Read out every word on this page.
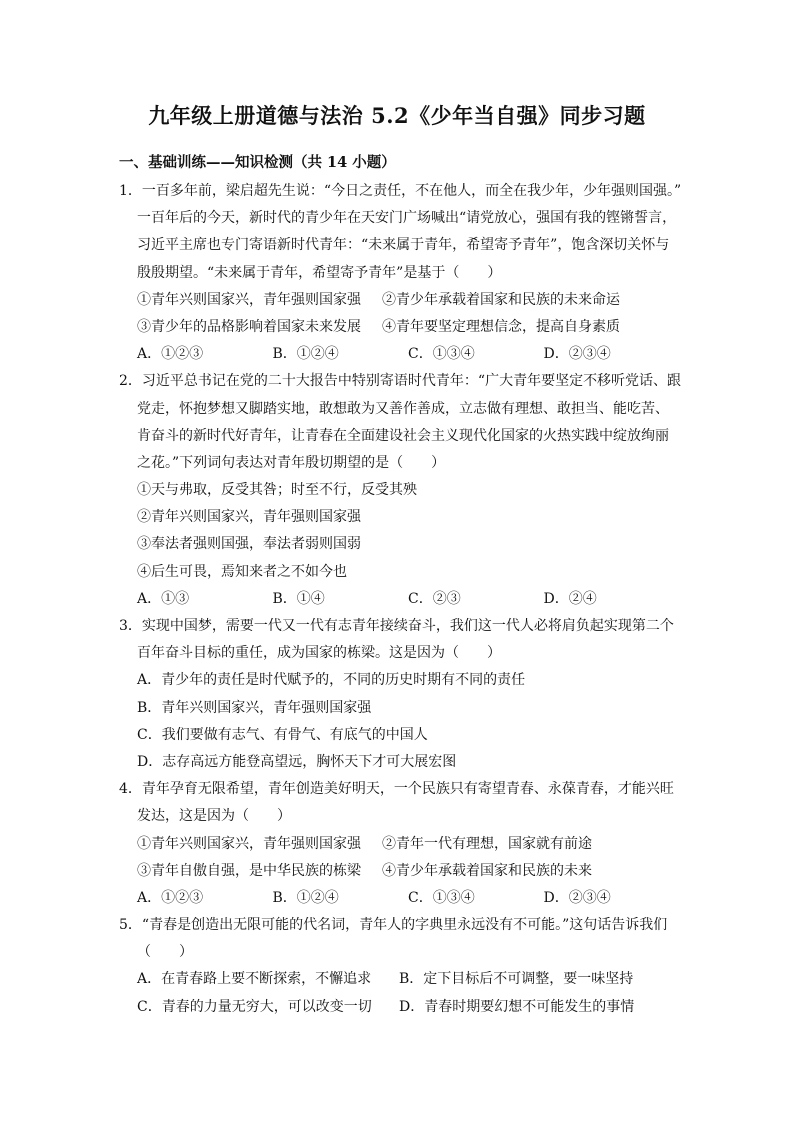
九年级上册道德与法治 5.2《少年当自强》同步习题
一、基础训练——知识检测（共 14 小题）
1．一百多年前，梁启超先生说：“今日之责任，不在他人，而全在我少年，少年强则国强。”
一百年后的今天，新时代的青少年在天安门广场喊出“请党放心，强国有我的铿锵誓言，
习近平主席也专门寄语新时代青年：“未来属于青年，希望寄予青年”，饱含深切关怀与
殷殷期望。“未来属于青年，希望寄予青年”是基于（　　）
①青年兴则国家兴，青年强则国家强	②青少年承载着国家和民族的未来命运
③青少年的品格影响着国家未来发展	④青年要坚定理想信念，提高自身素质
A．①②③	B．①②④	C．①③④	D．②③④
2．习近平总书记在党的二十大报告中特别寄语时代青年：“广大青年要坚定不移听党话、跟
党走，怀抱梦想又脚踏实地，敢想敢为又善作善成，立志做有理想、敢担当、能吃苦、
肯奋斗的新时代好青年，让青春在全面建设社会主义现代化国家的火热实践中绽放绚丽
之花。”下列词句表达对青年殷切期望的是（　　）
①天与弗取，反受其咎；时至不行，反受其殃
②青年兴则国家兴，青年强则国家强
③奉法者强则国强，奉法者弱则国弱
④后生可畏，焉知来者之不如今也
A．①③	B．①④	C．②③	D．②④
3．实现中国梦，需要一代又一代有志青年接续奋斗，我们这一代人必将肩负起实现第二个
百年奋斗目标的重任，成为国家的栋梁。这是因为（　　）
A．青少年的责任是时代赋予的，不同的历史时期有不同的责任
B．青年兴则国家兴，青年强则国家强
C．我们要做有志气、有骨气、有底气的中国人
D．志存高远方能登高望远，胸怀天下才可大展宏图
4．青年孕育无限希望，青年创造美好明天，一个民族只有寄望青春、永葆青春，才能兴旺
发达，这是因为（　　）
①青年兴则国家兴，青年强则国家强	②青年一代有理想，国家就有前途
③青年自傲自强，是中华民族的栋梁	④青少年承载着国家和民族的未来
A．①②③	B．①②④	C．①③④	D．②③④
5．“青春是创造出无限可能的代名词，青年人的字典里永远没有不可能。”这句话告诉我们
（　　）
A．在青春路上要不断探索，不懈追求	B．定下目标后不可调整，要一味坚持
C．青春的力量无穷大，可以改变一切	D．青春时期要幻想不可能发生的事情
